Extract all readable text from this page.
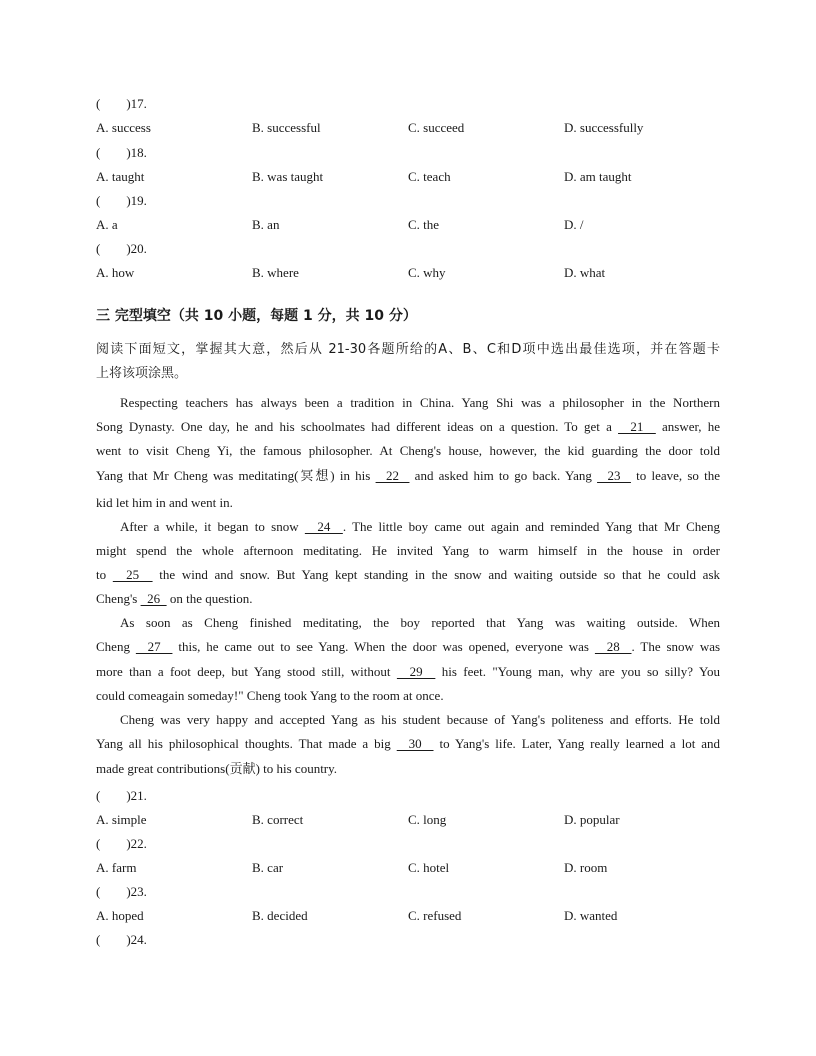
(　　)17.
A. success	B. successful	C. succeed	D. successfully
(　　)18.
A. taught	B. was taught	C. teach	D. am taught
(　　)19.
A. a	B. an	C. the	D. /
(　　)20.
A. how	B. where	C. why	D. what
三 完型填空（共 10 小题，每题 1 分，共 10 分）
阅读下面短文，掌握其大意，然后从 21-30各题所给的A、B、C和D项中选出最佳选项，并在答题卡
上将该项涂黑。
Respecting teachers has always been a tradition in China. Yang Shi was a philosopher in the Northern
Song Dynasty. One day, he and his schoolmates had different ideas on a question. To get a   21   answer, he
went to visit Cheng Yi, the famous philosopher. At Cheng's house, however, the kid guarding the door told
Yang that Mr Cheng was meditating(冥想) in his   22   and asked him to go back. Yang   23   to leave, so the
kid let him in and went in.
After a while, it began to snow   24  . The little boy came out again and reminded Yang that Mr Cheng
might spend the whole afternoon meditating. He invited Yang to warm himself in the house in order
to   25   the wind and snow. But Yang kept standing in the snow and waiting outside so that he could ask
Cheng's   26   on the question.
As soon as Cheng finished meditating, the boy reported that Yang was waiting outside. When
Cheng   27   this, he came out to see Yang. When the door was opened, everyone was   28  . The snow was
more than a foot deep, but Yang stood still, without   29   his feet. "Young man, why are you so silly? You
could comeagain someday!" Cheng took Yang to the room at once.
Cheng was very happy and accepted Yang as his student because of Yang's politeness and efforts. He told
Yang all his philosophical thoughts. That made a big   30   to Yang's life. Later, Yang really learned a lot and
made great contributions(贡献) to his country.
(　　)21.
A. simple	B. correct	C. long	D. popular
(　　)22.
A. farm	B. car	C. hotel	D. room
(　　)23.
A. hoped	B. decided	C. refused	D. wanted
(　　)24.
